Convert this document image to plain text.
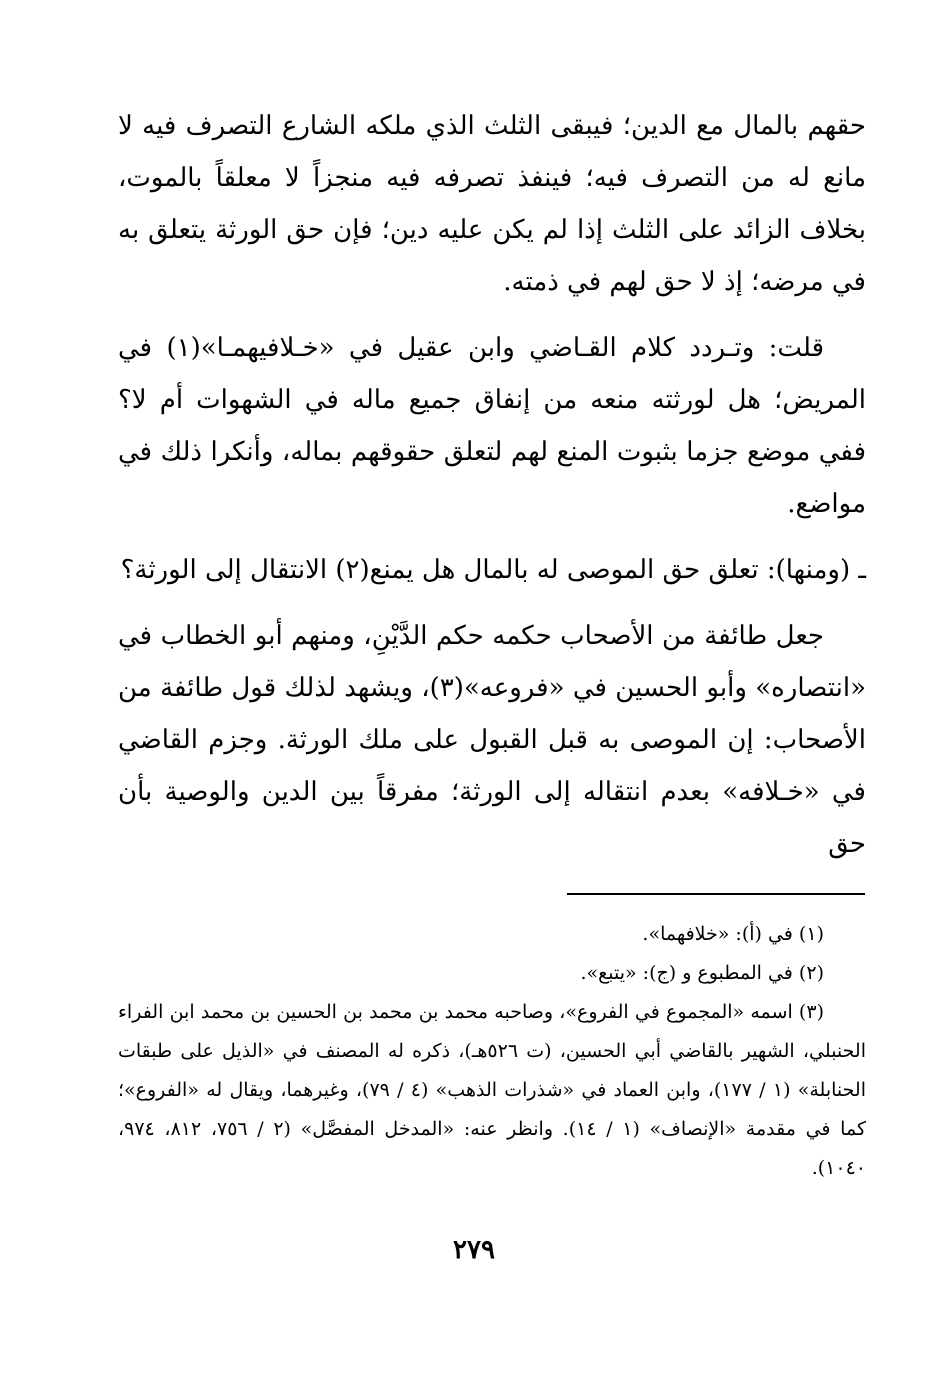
حقهم بالمال مع الدين؛ فيبقى الثلث الذي ملكه الشارع التصرف فيه لا مانع له من التصرف فيه؛ فينفذ تصرفه فيه منجزاً لا معلقاً بالموت، بخلاف الزائد على الثلث إذا لم يكن عليه دين؛ فإن حق الورثة يتعلق به في مرضه؛ إذ لا حق لهم في ذمته.

قلت: وتـردد كلام القـاضي وابن عقيل في «خـلافيهمـا»(١) في المريض؛ هل لورثته منعه من إنفاق جميع ماله في الشهوات أم لا؟ ففي موضع جزما بثبوت المنع لهم لتعلق حقوقهم بماله، وأنكرا ذلك في مواضع.

ـ (ومنها): تعلق حق الموصى له بالمال هل يمنع(٢) الانتقال إلى الورثة؟

جعل طائفة من الأصحاب حكمه حكم الدَّيْنِ، ومنهم أبو الخطاب في «انتصاره» وأبو الحسين في «فروعه»(٣)، ويشهد لذلك قول طائفة من الأصحاب: إن الموصى به قبل القبول على ملك الورثة. وجزم القاضي في «خـلافه» بعدم انتقاله إلى الورثة؛ مفرقاً بين الدين والوصية بأن حق

(١) في (أ): «خلافهما».

(٢) في المطبوع و (ج): «يتبع».

(٣) اسمه «المجموع في الفروع»، وصاحبه محمد بن محمد بن الحسين بن محمد ابن الفراء الحنبلي، الشهير بالقاضي أبي الحسين، (ت ٥٢٦هـ)، ذكره له المصنف في «الذيل على طبقات الحنابلة» (١ / ١٧٧)، وابن العماد في «شذرات الذهب» (٤ / ٧٩)، وغيرهما، ويقال له «الفروع»؛ كما في مقدمة «الإنصاف» (١ / ١٤). وانظر عنه: «المدخل المفصَّل» (٢ / ٧٥٦، ٨١٢، ٩٧٤، ١٠٤٠).

٢٧٩
